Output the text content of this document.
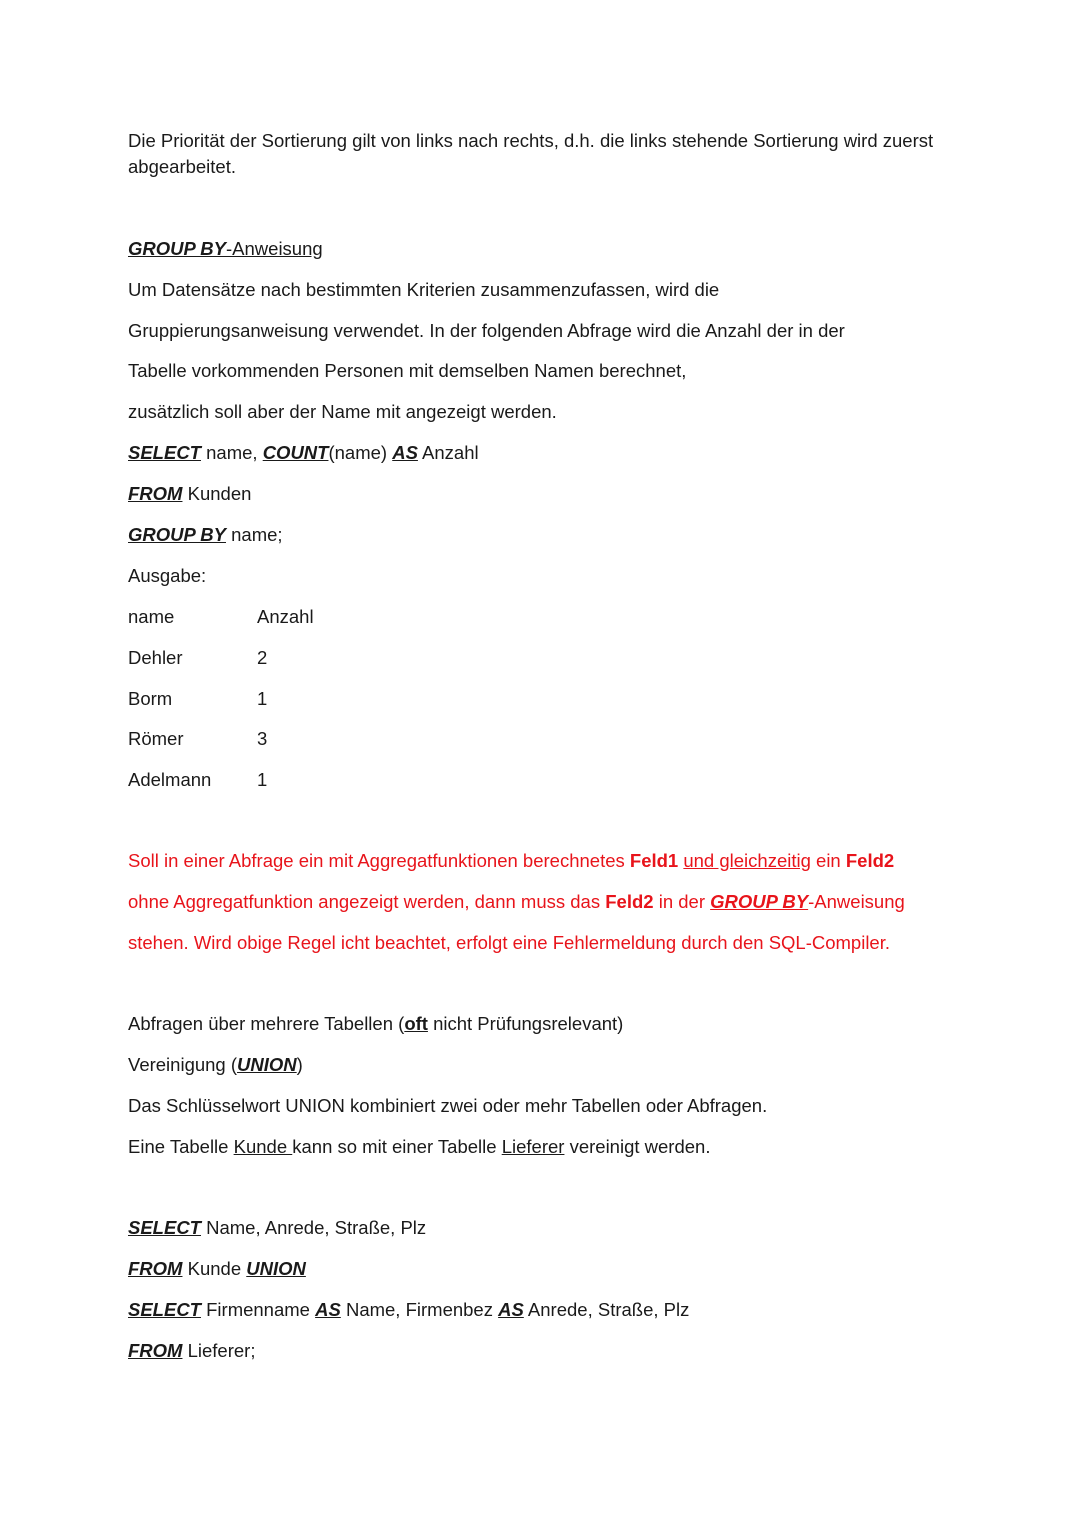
Die Priorität der Sortierung gilt von links nach rechts, d.h. die links stehende Sortierung wird zuerst
abgearbeitet.
GROUP BY-Anweisung
Um Datensätze nach bestimmten Kriterien zusammenzufassen, wird die
Gruppierungsanweisung verwendet. In der folgenden Abfrage wird die Anzahl der in der
Tabelle vorkommenden Personen mit demselben Namen berechnet,
zusätzlich soll aber der Name mit angezeigt werden.
SELECT name, COUNT(name) AS Anzahl
FROM Kunden
GROUP BY name;
Ausgabe:
name	Anzahl
Dehler	2
Borm	1
Römer	3
Adelmann 1
Soll in einer Abfrage ein mit Aggregatfunktionen berechnetes Feld1 und gleichzeitig ein Feld2
ohne Aggregatfunktion angezeigt werden, dann muss das Feld2 in der GROUP BY-Anweisung
stehen. Wird obige Regel icht beachtet, erfolgt eine Fehlermeldung durch den SQL-Compiler.
Abfragen über mehrere Tabellen (oft nicht Prüfungsrelevant)
Vereinigung (UNION)
Das Schlüsselwort UNION kombiniert zwei oder mehr Tabellen oder Abfragen.
Eine Tabelle Kunde kann so mit einer Tabelle Lieferer vereinigt werden.
SELECT Name, Anrede, Straße, Plz
FROM Kunde UNION
SELECT Firmenname AS Name, Firmenbez AS Anrede, Straße, Plz
FROM Lieferer;
